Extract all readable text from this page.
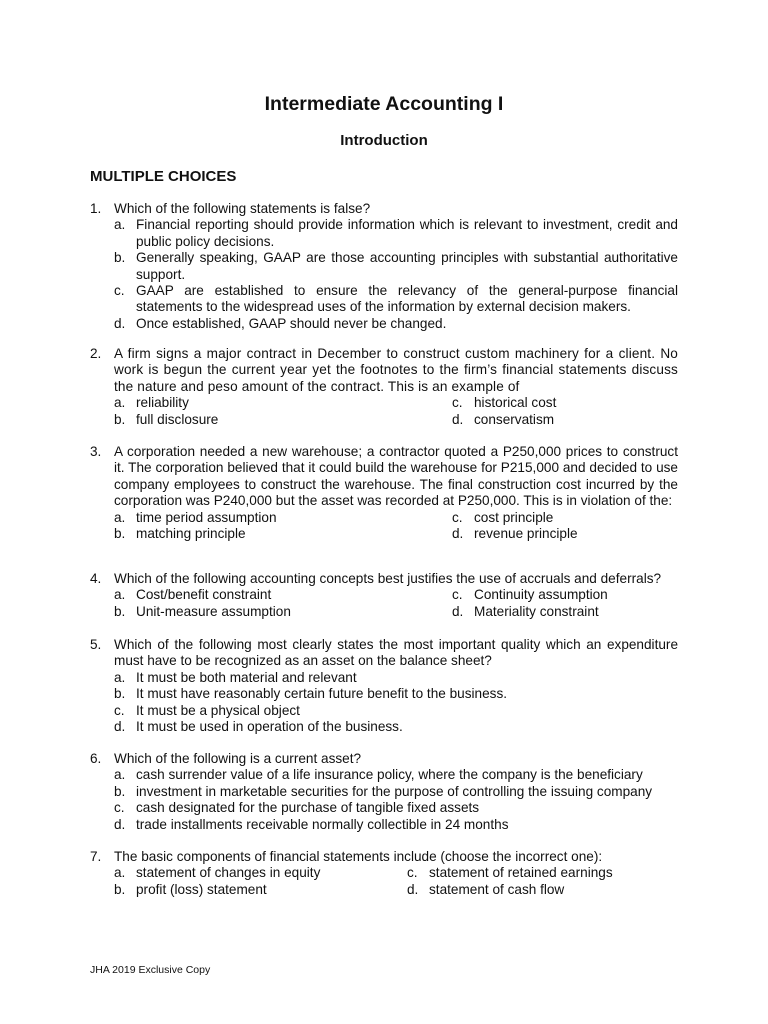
Intermediate Accounting I
Introduction
MULTIPLE CHOICES
1. Which of the following statements is false?
a. Financial reporting should provide information which is relevant to investment, credit and public policy decisions.
b. Generally speaking, GAAP are those accounting principles with substantial authoritative support.
c. GAAP are established to ensure the relevancy of the general-purpose financial statements to the widespread uses of the information by external decision makers.
d. Once established, GAAP should never be changed.
2. A firm signs a major contract in December to construct custom machinery for a client. No work is begun the current year yet the footnotes to the firm’s financial statements discuss the nature and peso amount of the contract. This is an example of
a. reliability	c. historical cost
b. full disclosure	d. conservatism
3. A corporation needed a new warehouse; a contractor quoted a P250,000 prices to construct it. The corporation believed that it could build the warehouse for P215,000 and decided to use company employees to construct the warehouse. The final construction cost incurred by the corporation was P240,000 but the asset was recorded at P250,000. This is in violation of the:
a. time period assumption	c. cost principle
b. matching principle	d. revenue principle
4. Which of the following accounting concepts best justifies the use of accruals and deferrals?
a. Cost/benefit constraint	c. Continuity assumption
b. Unit-measure assumption	d. Materiality constraint
5. Which of the following most clearly states the most important quality which an expenditure must have to be recognized as an asset on the balance sheet?
a. It must be both material and relevant
b. It must have reasonably certain future benefit to the business.
c. It must be a physical object
d. It must be used in operation of the business.
6. Which of the following is a current asset?
a. cash surrender value of a life insurance policy, where the company is the beneficiary
b. investment in marketable securities for the purpose of controlling the issuing company
c. cash designated for the purchase of tangible fixed assets
d. trade installments receivable normally collectible in 24 months
7. The basic components of financial statements include (choose the incorrect one):
a. statement of changes in equity	c. statement of retained earnings
b. profit (loss) statement	d. statement of cash flow
JHA 2019 Exclusive Copy
